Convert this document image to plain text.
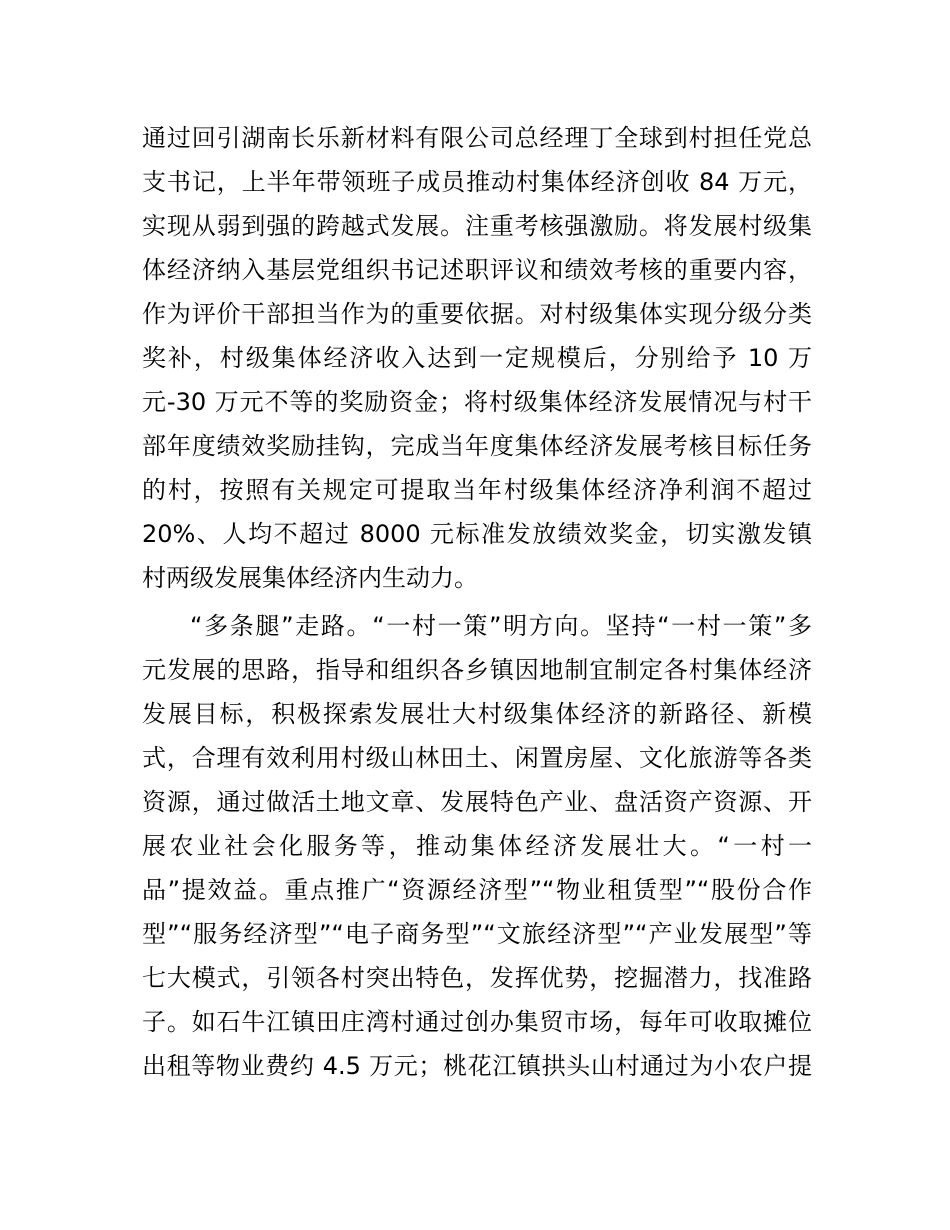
通过回引湖南长乐新材料有限公司总经理丁全球到村担任党总
支书记，上半年带领班子成员推动村集体经济创收 84 万元，
实现从弱到强的跨越式发展。注重考核强激励。将发展村级集
体经济纳入基层党组织书记述职评议和绩效考核的重要内容，
作为评价干部担当作为的重要依据。对村级集体实现分级分类
奖补，村级集体经济收入达到一定规模后，分别给予 10 万
元-30 万元不等的奖励资金；将村级集体经济发展情况与村干
部年度绩效奖励挂钩，完成当年度集体经济发展考核目标任务
的村，按照有关规定可提取当年村级集体经济净利润不超过
20%、人均不超过 8000 元标准发放绩效奖金，切实激发镇
村两级发展集体经济内生动力。
“多条腿”走路。“一村一策”明方向。坚持“一村一策”多
元发展的思路，指导和组织各乡镇因地制宜制定各村集体经济
发展目标，积极探索发展壮大村级集体经济的新路径、新模
式，合理有效利用村级山林田土、闲置房屋、文化旅游等各类
资源，通过做活土地文章、发展特色产业、盘活资产资源、开
展农业社会化服务等，推动集体经济发展壮大。“一村一
品”提效益。重点推广“资源经济型”“物业租赁型”“股份合作
型”“服务经济型”“电子商务型”“文旅经济型”“产业发展型”等
七大模式，引领各村突出特色，发挥优势，挖掘潜力，找准路
子。如石牛江镇田庄湾村通过创办集贸市场，每年可收取摊位
出租等物业费约 4.5 万元；桃花江镇拱头山村通过为小农户提
